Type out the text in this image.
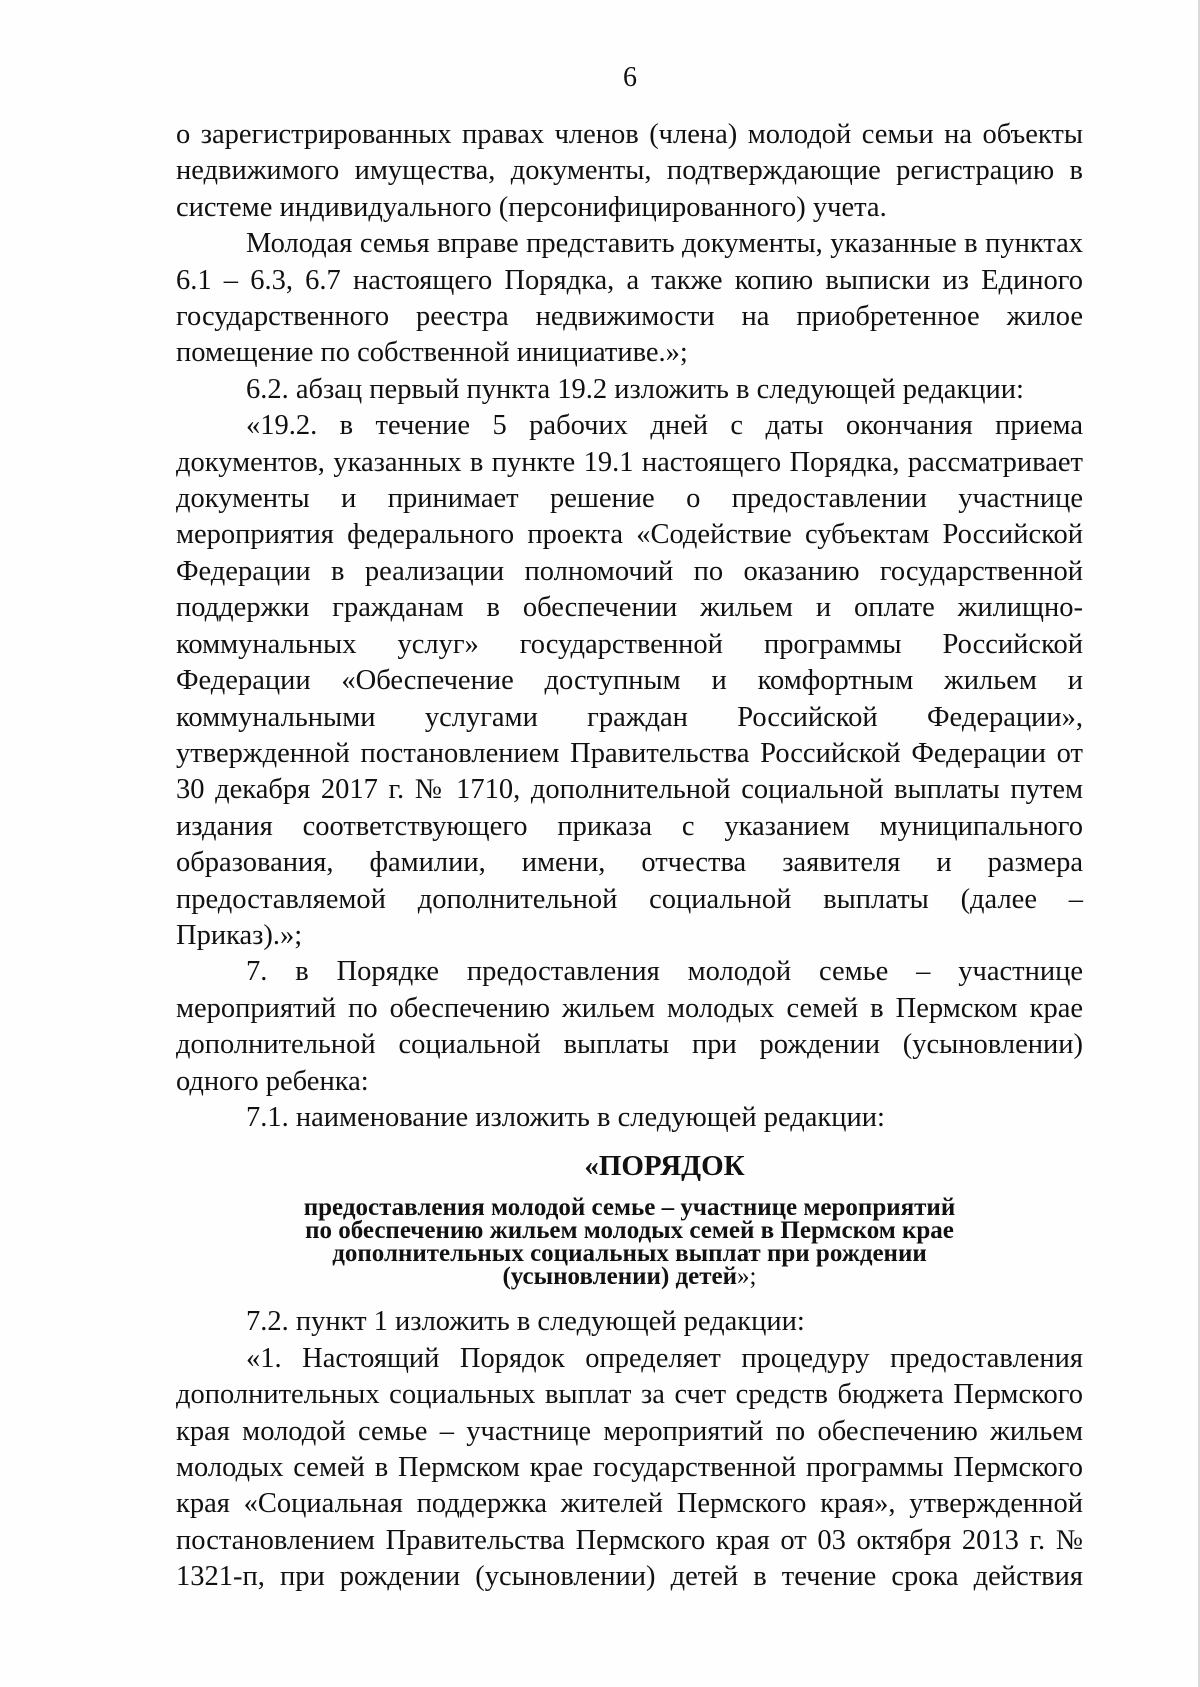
6

о зарегистрированных правах членов (члена) молодой семьи на объекты недвижимого имущества, документы, подтверждающие регистрацию в системе индивидуального (персонифицированного) учета.

Молодая семья вправе представить документы, указанные в пунктах 6.1 – 6.3, 6.7 настоящего Порядка, а также копию выписки из Единого государственного реестра недвижимости на приобретенное жилое помещение по собственной инициативе.»;

6.2. абзац первый пункта 19.2 изложить в следующей редакции:

«19.2. в течение 5 рабочих дней с даты окончания приема документов, указанных в пункте 19.1 настоящего Порядка, рассматривает документы и принимает решение о предоставлении участнице мероприятия федерального проекта «Содействие субъектам Российской Федерации в реализации полномочий по оказанию государственной поддержки гражданам в обеспечении жильем и оплате жилищно-коммунальных услуг» государственной программы Российской Федерации «Обеспечение доступным и комфортным жильем и коммунальными услугами граждан Российской Федерации», утвержденной постановлением Правительства Российской Федерации от 30 декабря 2017 г. № 1710, дополнительной социальной выплаты путем издания соответствующего приказа с указанием муниципального образования, фамилии, имени, отчества заявителя и размера предоставляемой дополнительной социальной выплаты (далее – Приказ).»;

7. в Порядке предоставления молодой семье – участнице мероприятий по обеспечению жильем молодых семей в Пермском крае дополнительной социальной выплаты при рождении (усыновлении) одного ребенка:

7.1. наименование изложить в следующей редакции:

«ПОРЯДОК
предоставления молодой семье – участнице мероприятий
по обеспечению жильем молодых семей в Пермском крае
дополнительных социальных выплат при рождении
(усыновлении) детей»;

7.2. пункт 1 изложить в следующей редакции:

«1. Настоящий Порядок определяет процедуру предоставления дополнительных социальных выплат за счет средств бюджета Пермского края молодой семье – участнице мероприятий по обеспечению жильем молодых семей в Пермском крае государственной программы Пермского края «Социальная поддержка жителей Пермского края», утвержденной постановлением Правительства Пермского края от 03 октября 2013 г. № 1321-п, при рождении (усыновлении) детей в течение срока действия
